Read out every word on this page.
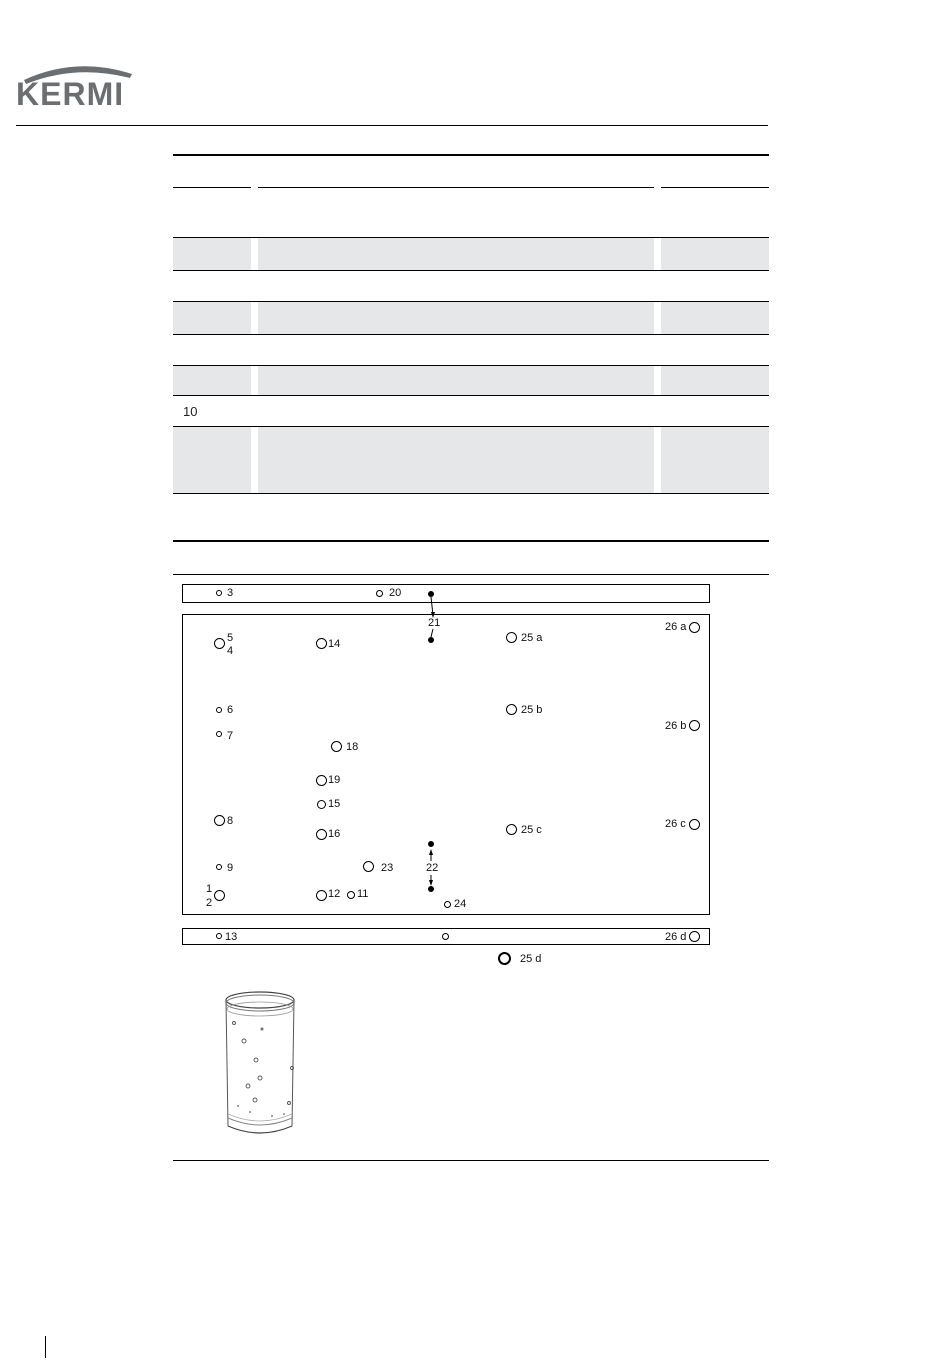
KERMI
10
3	20
21
5
4
14	25 a
26 a
6	25 b
7
26 b
18
19
15
8
25 c	26 c
16
22
9	23
1
2
12 11
24
13	26 d
25 d
